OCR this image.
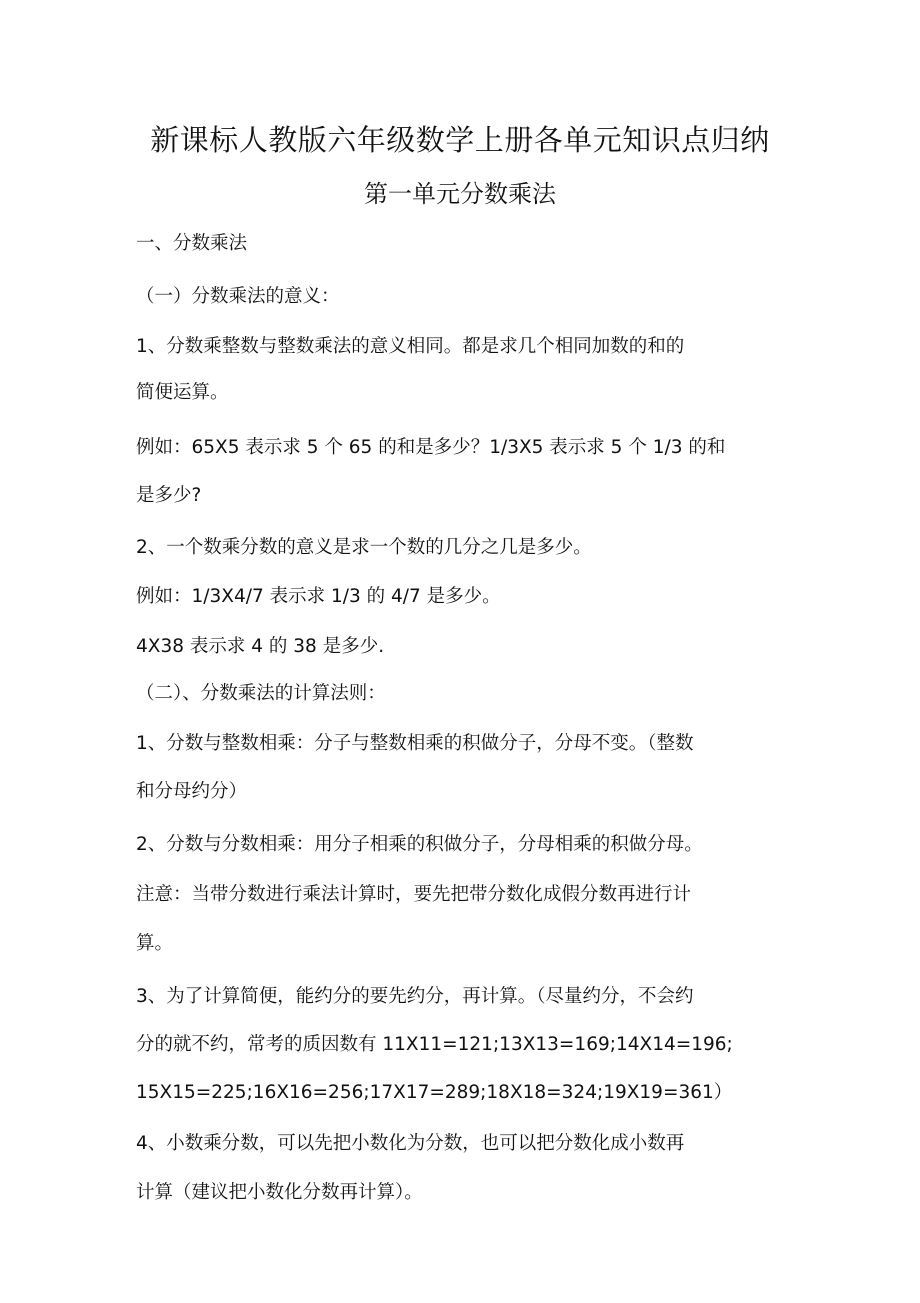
新课标人教版六年级数学上册各单元知识点归纳
第一单元分数乘法
一、分数乘法
（一）分数乘法的意义：
1、分数乘整数与整数乘法的意义相同。都是求几个相同加数的和的
简便运算。
例如：65X5 表示求 5 个 65 的和是多少？1/3X5 表示求 5 个 1/3 的和
是多少?
2、一个数乘分数的意义是求一个数的几分之几是多少。
例如：1/3X4/7 表示求 1/3 的 4/7 是多少。
4X38 表示求 4 的 38 是多少.
（二）、分数乘法的计算法则：
1、分数与整数相乘：分子与整数相乘的积做分子，分母不变。（整数
和分母约分）
2、分数与分数相乘：用分子相乘的积做分子，分母相乘的积做分母。
注意：当带分数进行乘法计算时，要先把带分数化成假分数再进行计
算。
3、为了计算简便，能约分的要先约分，再计算。（尽量约分，不会约
分的就不约，常考的质因数有 11X11=121;13X13=169;14X14=196;
15X15=225;16X16=256;17X17=289;18X18=324;19X19=361）
4、小数乘分数，可以先把小数化为分数，也可以把分数化成小数再
计算（建议把小数化分数再计算）。
